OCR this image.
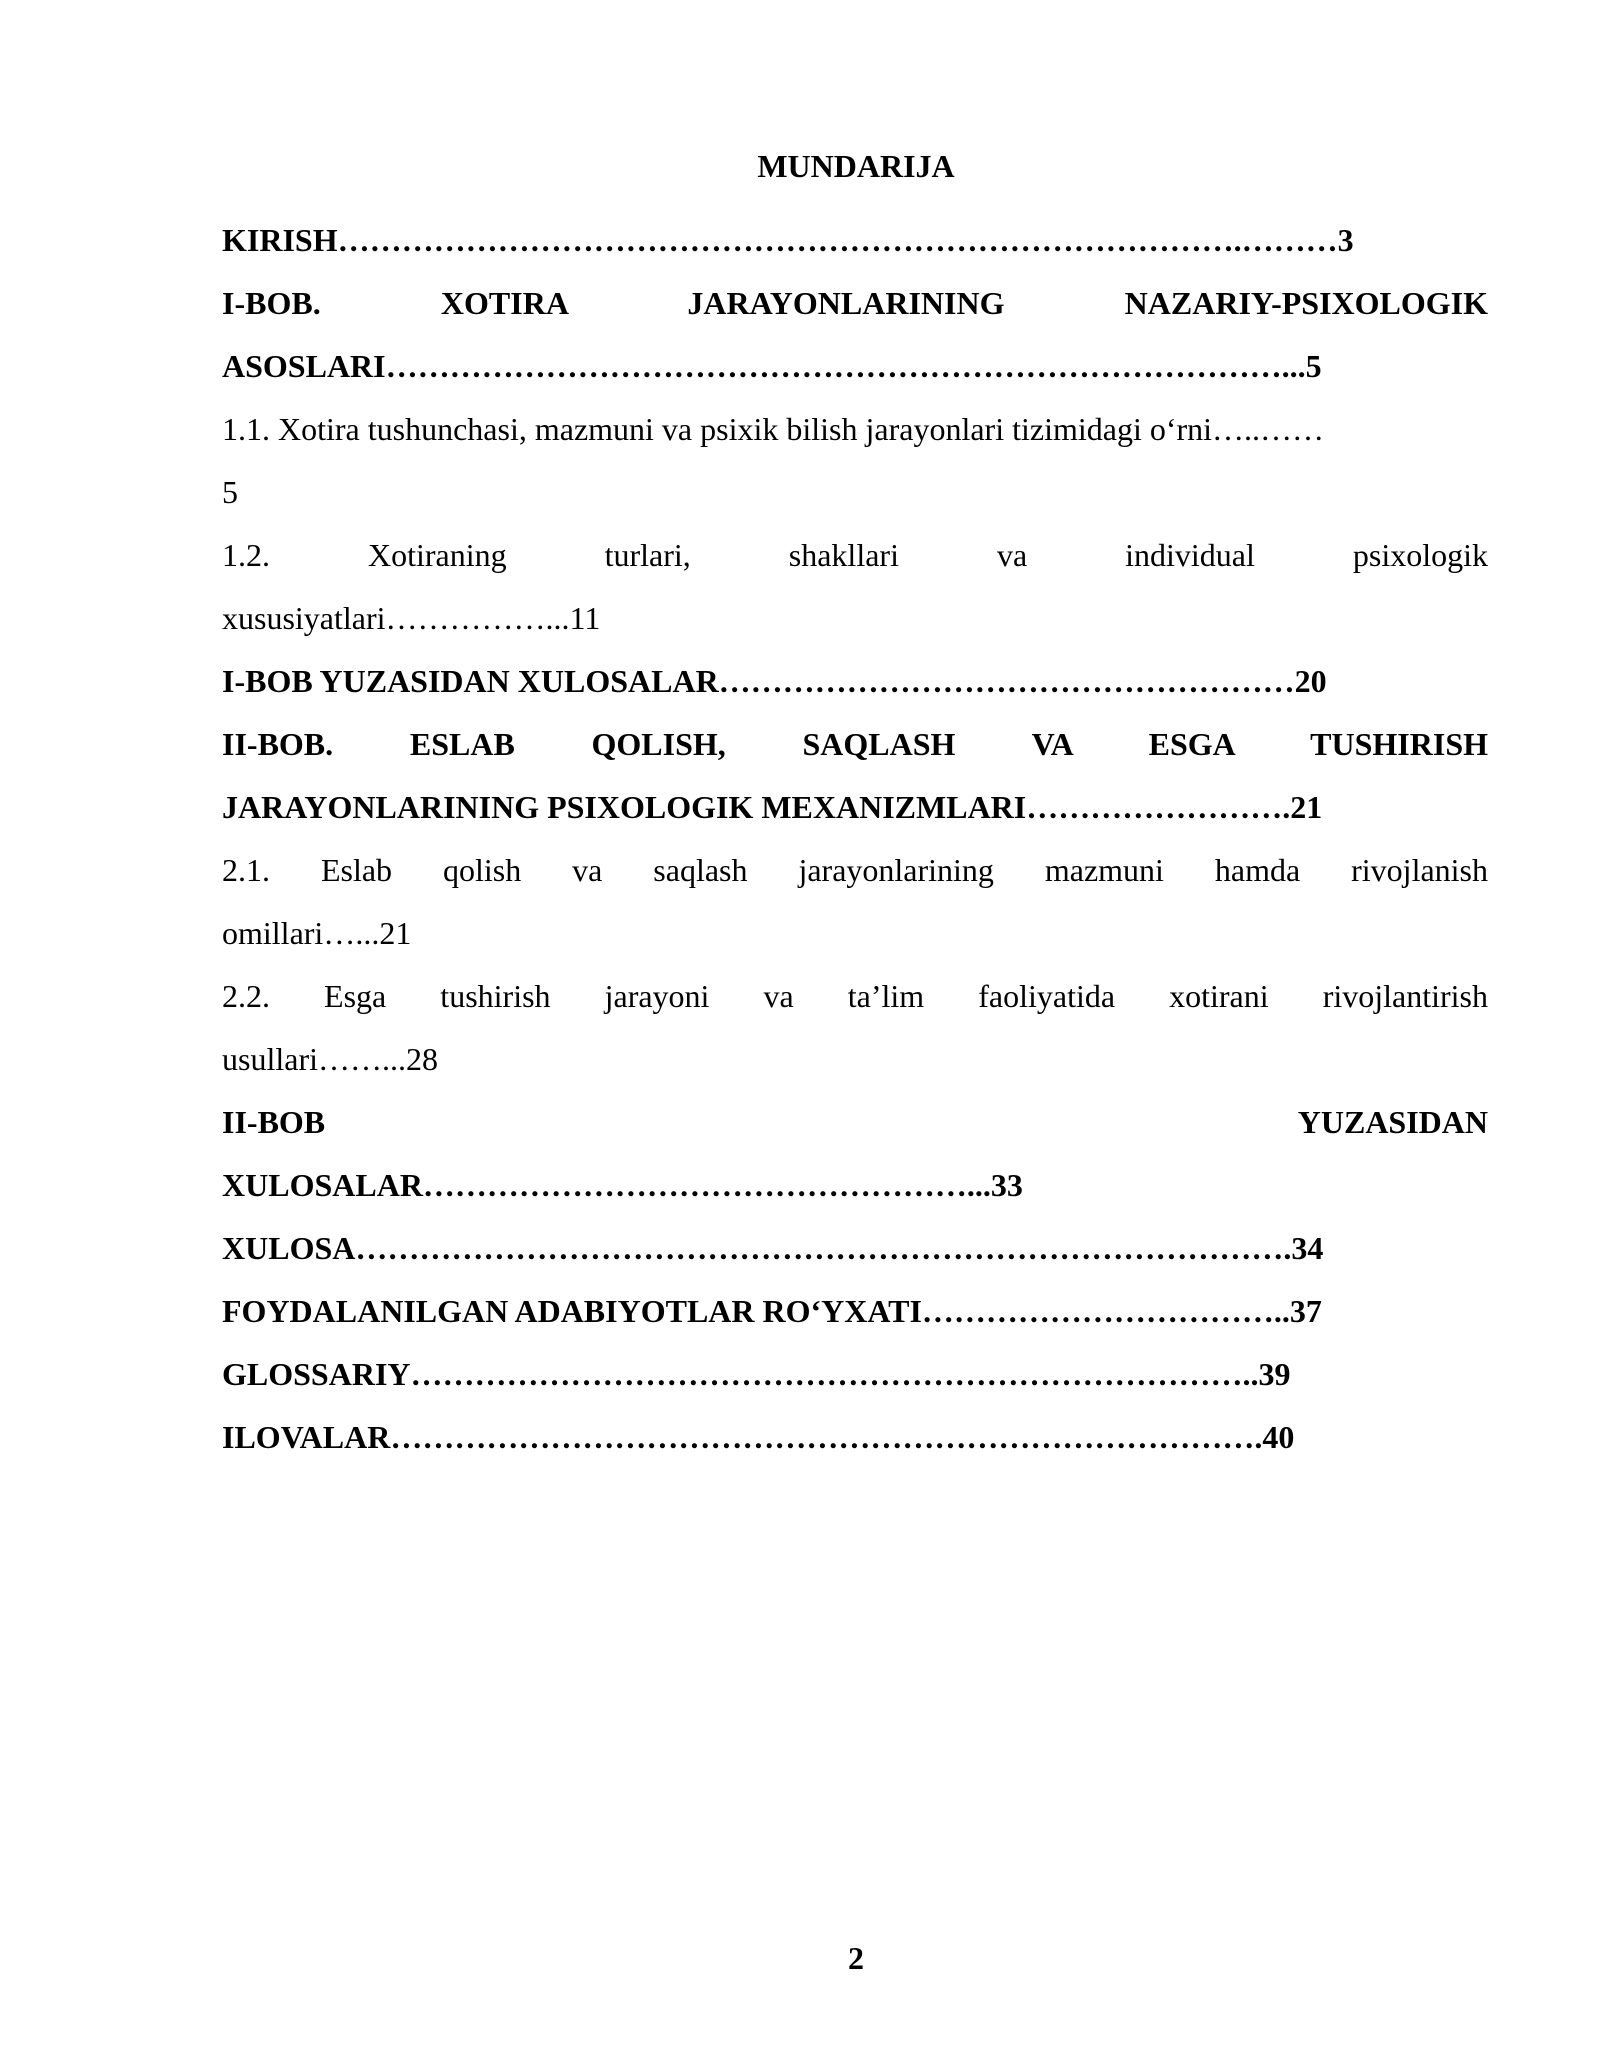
MUNDARIJA
KIRISH………………………………………………………………………….………3
I-BOB. XOTIRA JARAYONLARINING NAZARIY-PSIXOLOGIK
ASOSLARI…………………………………………………………………………...5
1.1. Xotira tushunchasi, mazmuni va psixik bilish jarayonlari tizimidagi o‘rni…..……
5
1.2. Xotiraning turlari, shakllari va individual psixologik
xususiyatlari……………...11
I-BOB YUZASIDAN XULOSALAR………………………………………………20
II-BOB. ESLAB QOLISH, SAQLASH VA ESGA TUSHIRISH
JARAYONLARINING PSIXOLOGIK MEXANIZMLARI…………………….21
2.1. Eslab qolish va saqlash jarayonlarining mazmuni hamda rivojlanish
omillari…...21
2.2. Esga tushirish jarayoni va ta’lim faoliyatida xotirani rivojlantirish
usullari……...28
II-BOB YUZASIDAN
XULOSALAR……………………………………………...33
XULOSA…………………………………………………………………………….34
FOYDALANILGAN ADABIYOTLAR RO‘YXATI……………………………..37
GLOSSARIY……………………………………………………………………..39
ILOVALAR……………………………………………………………………….40
2
